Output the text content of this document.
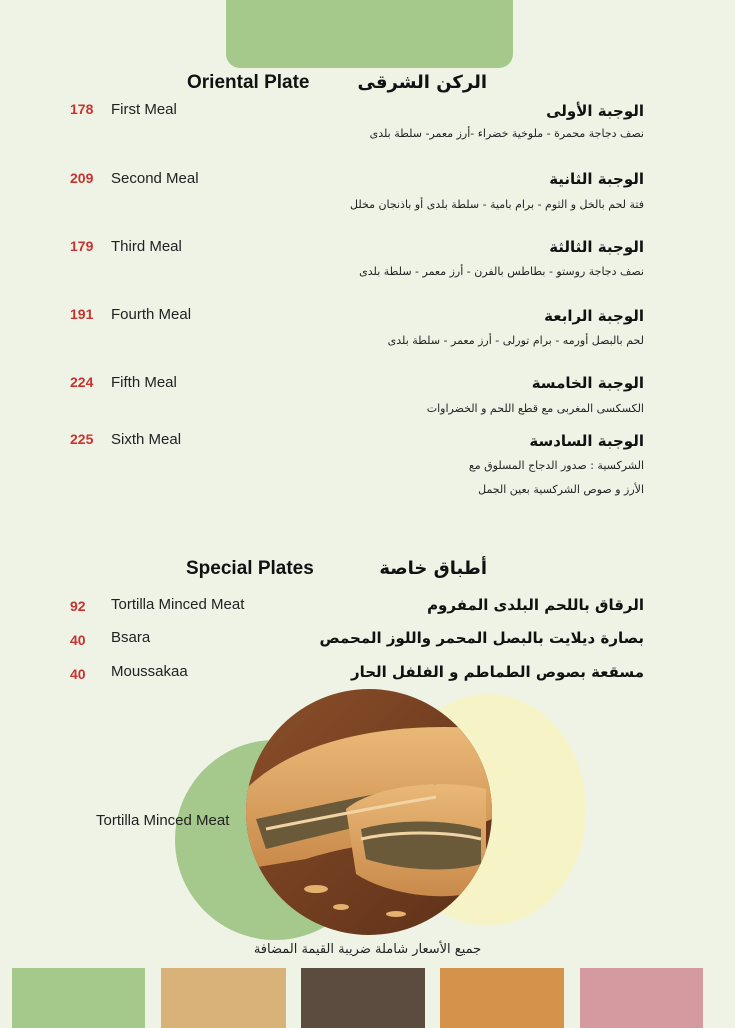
Oriental Plate	الركن الشرقى
178 First Meal	الوجبة الأولى
نصف دجاجة محمرة - ملوخية خضراء -أرز معمر- سلطة بلدى
209 Second Meal	الوجبة الثانية
فتة لحم بالخل و الثوم - برام بامية - سلطة بلدى أو باذنجان مخلل
179 Third Meal	الوجبة الثالثة
نصف دجاجة روستو - بطاطس بالفرن - أرز معمر - سلطة بلدى
191 Fourth Meal	الوجبة الرابعة
لحم بالبصل أورمه - برام تورلى - أرز معمر - سلطة بلدى
224 Fifth Meal	الوجبة الخامسة
الكسكسى المغربى مع قطع اللحم و الخضراوات
225 Sixth Meal	الوجبة السادسة
الشركسية : صدور الدجاج المسلوق مع
الأرز و صوص الشركسية بعين الجمل
Special Plates	أطباق خاصة
92 Tortilla Minced Meat	الرقاق باللحم البلدى المفروم
40 Bsara	بصارة ديلايت بالبصل المحمر واللوز المحمص
40 Moussakaa	مسقعة بصوص الطماطم و الفلفل الحار
Tortilla Minced Meat
جميع الأسعار شاملة ضريبة القيمة المضافة
